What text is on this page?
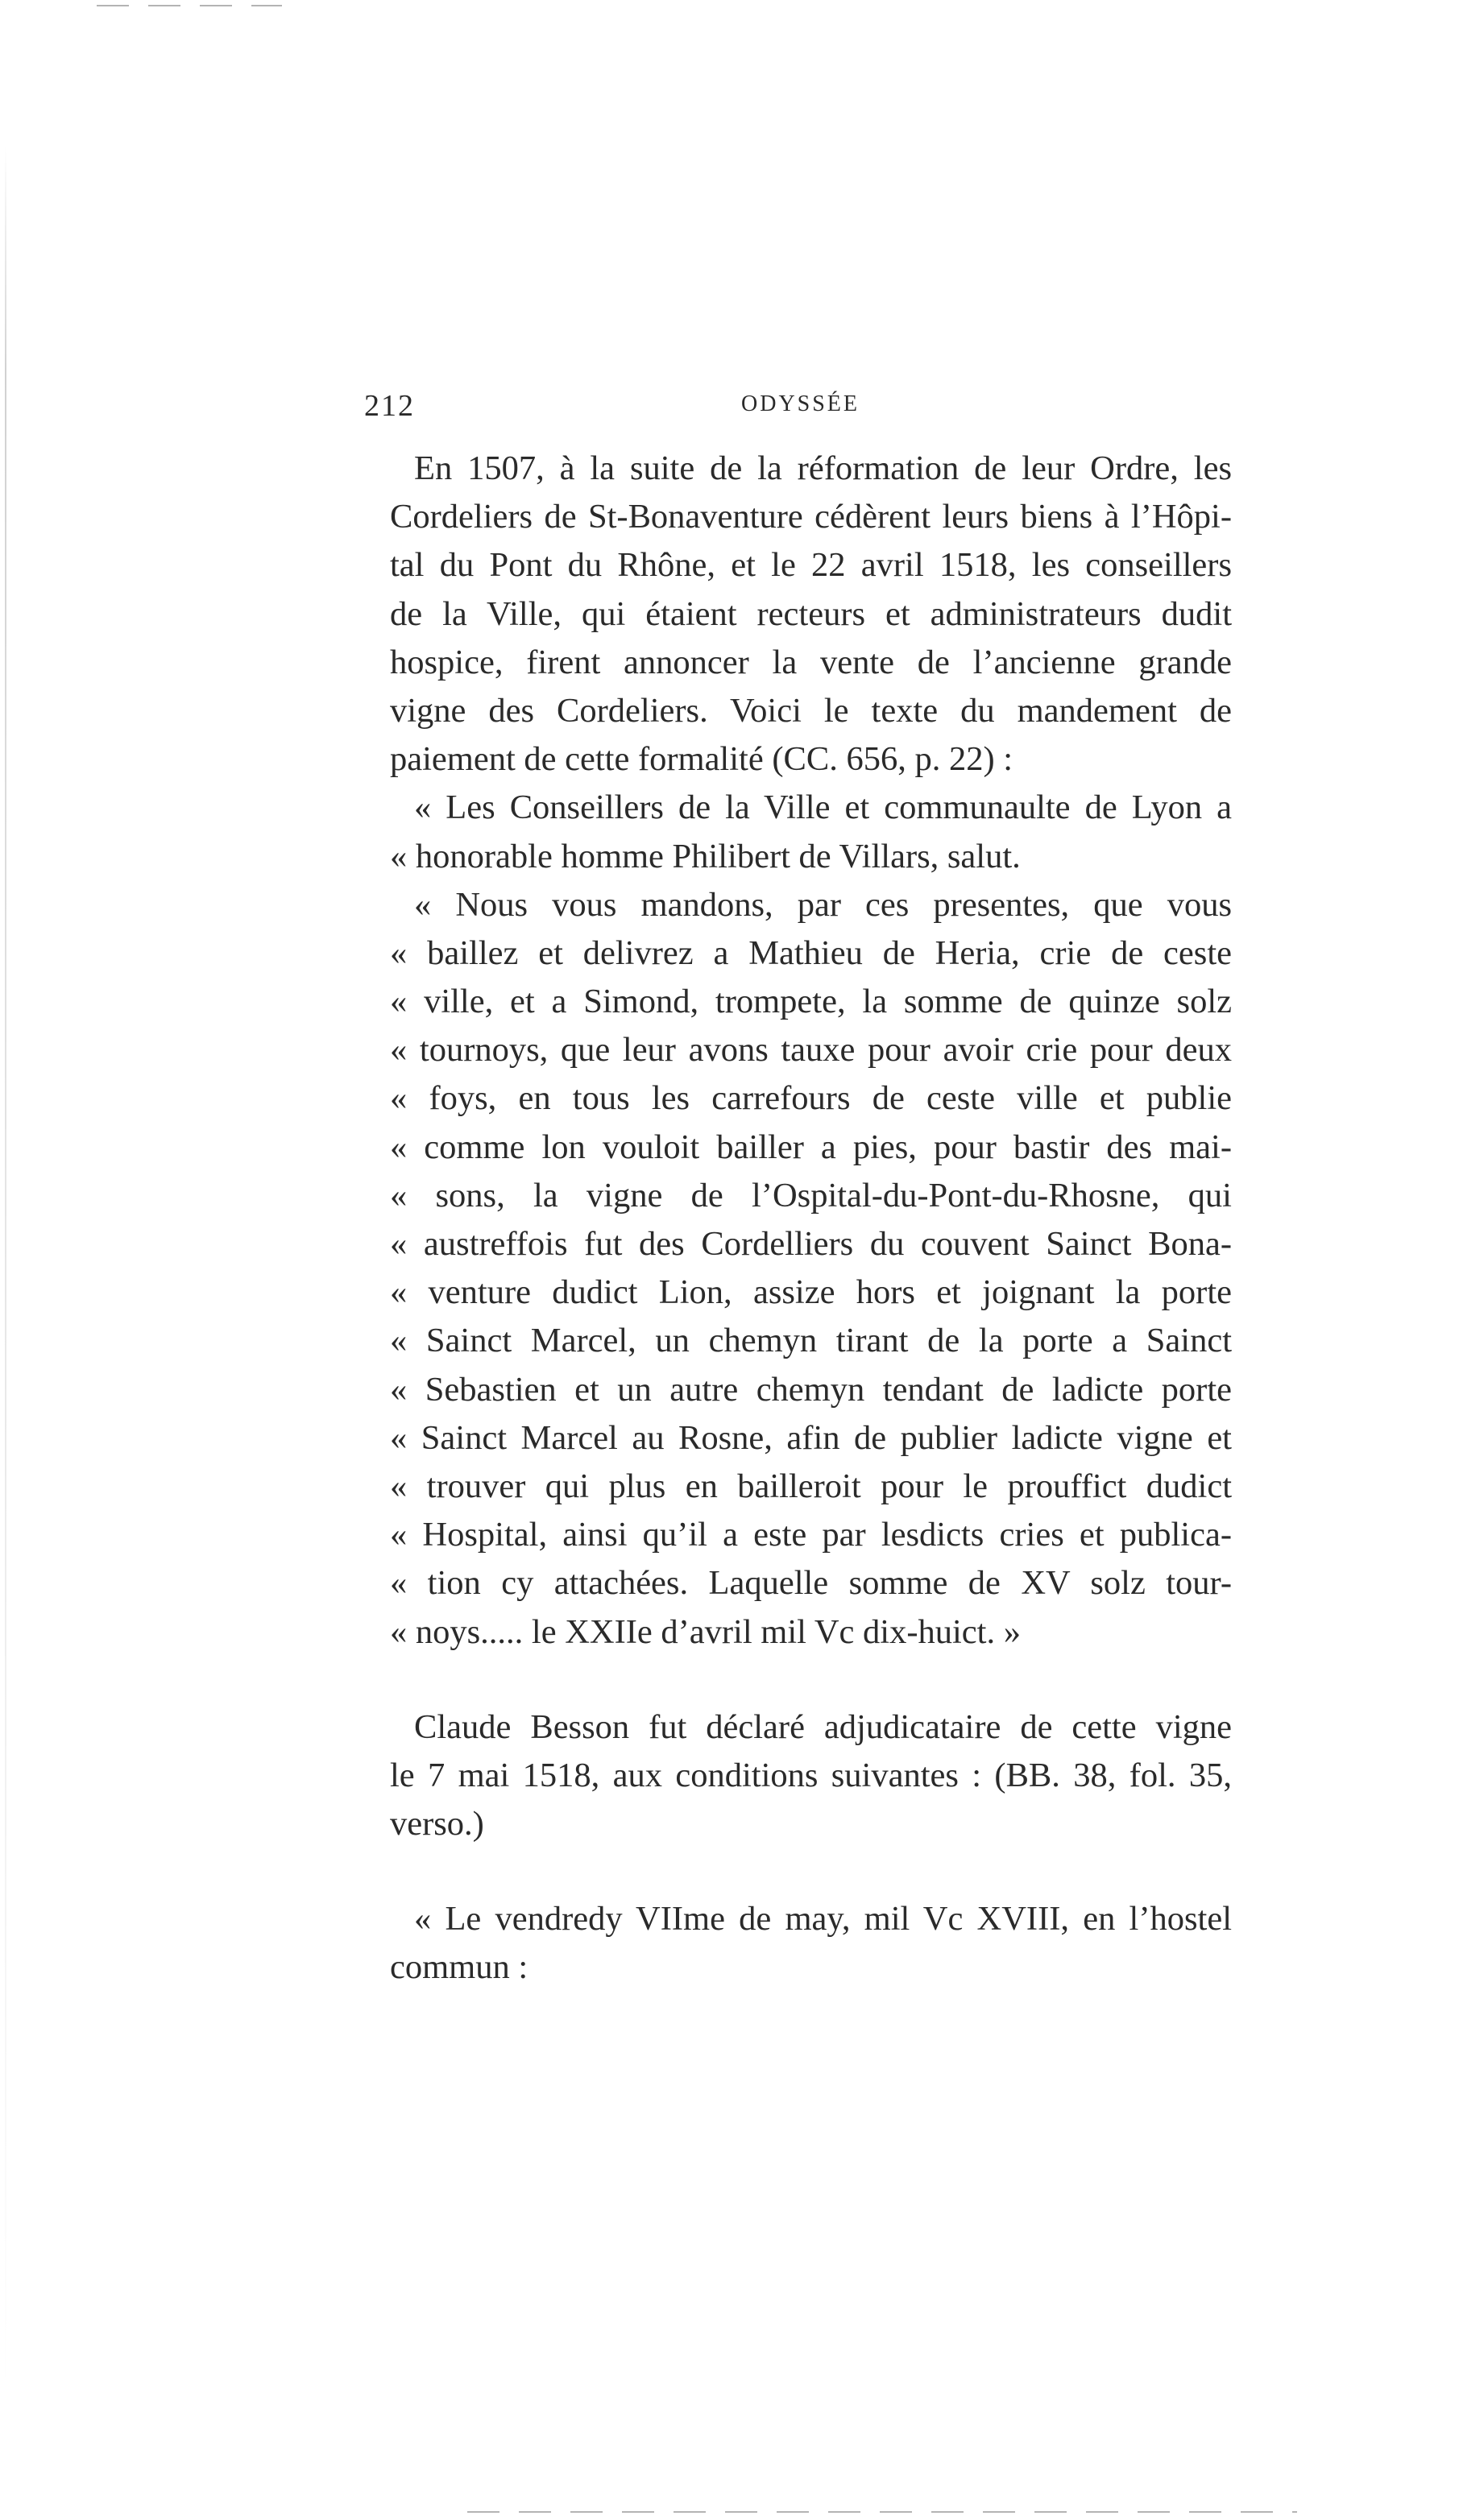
212	ODYSSÉE
En 1507, à la suite de la réformation de leur Ordre, les
Cordeliers de St-Bonaventure cédèrent leurs biens à l’Hôpi-
tal du Pont du Rhône, et le 22 avril 1518, les conseillers
de la Ville, qui étaient recteurs et administrateurs dudit
hospice, firent annoncer la vente de l’ancienne grande
vigne des Cordeliers. Voici le texte du mandement de
paiement de cette formalité (CC. 656, p. 22) :
« Les Conseillers de la Ville et communaulte de Lyon a
« honorable homme Philibert de Villars, salut.
« Nous vous mandons, par ces presentes, que vous
« baillez et delivrez a Mathieu de Heria, crie de ceste
« ville, et a Simond, trompete, la somme de quinze solz
« tournoys, que leur avons tauxe pour avoir crie pour deux
« foys, en tous les carrefours de ceste ville et publie
« comme lon vouloit bailler a pies, pour bastir des mai-
« sons, la vigne de l’Ospital-du-Pont-du-Rhosne, qui
« austreffois fut des Cordelliers du couvent Sainct Bona-
« venture dudict Lion, assize hors et joignant la porte
« Sainct Marcel, un chemyn tirant de la porte a Sainct
« Sebastien et un autre chemyn tendant de ladicte porte
« Sainct Marcel au Rosne, afin de publier ladicte vigne et
« trouver qui plus en bailleroit pour le prouffict dudict
« Hospital, ainsi qu’il a este par lesdicts cries et publica-
« tion cy attachées. Laquelle somme de XV solz tour-
« noys..... le XXIIe d’avril mil Vc dix-huict. »
Claude Besson fut déclaré adjudicataire de cette vigne
le 7 mai 1518, aux conditions suivantes : (BB. 38, fol. 35,
verso.)
« Le vendredy VIIme de may, mil Vc XVIII, en l’hostel
commun :
